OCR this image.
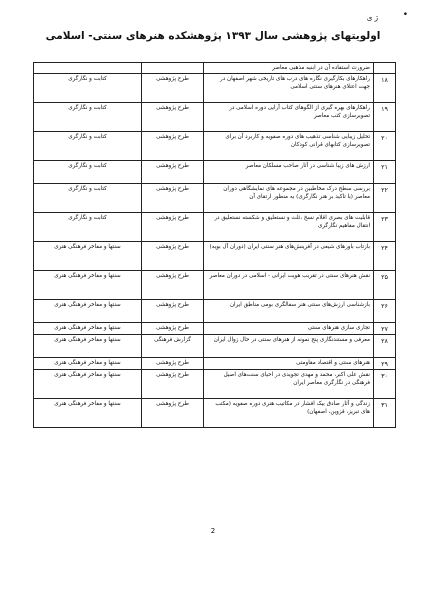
•
ژ ی
اولویتهای پژوهشی سال ۱۳۹۳ پژوهشکده هنرهای سنتی- اسلامی
	ضرورت استفاده آن در ابنیه مذهبی معاصر		
۱۸	راهکارهای بکارگیری نگاره های درب های تاریخی شهر اصفهان در جهت اعتلای هنرهای سنتی اسلامی	طرح پژوهشی	کتابت و نگارگری
۱۹	راهکارهای بهره گیری از الگوهای کتاب آرایی دوره اسلامی در تصویرسازی کتب معاصر	طرح پژوهشی	کتابت و نگارگری
۲۰	تحلیل زیبایی شناسی تذهیب های دوره صفویه و کاربرد آن برای تصویرسازی کتابهای قرانی کودکان	طرح پژوهشی	کتابت و نگارگری
۲۱	ارزش های زیبا شناسی در آثار صاحب مسلکان معاصر	طرح پژوهشی	کتابت و نگارگری
۲۲	بررسی سطح درک مخاطبین در مجموعه های نمایشگاهی دوران معاصر (با تاکید بر هنر نگارگری) به منظور ارتقای آن	طرح پژوهشی	کتابت و نگارگری
۲۳	قابلیت های بصری اقلام نسخ ،ثلث و نستعلیق و شکسته نستعلیق در انتقال مفاهیم نگارگری	طرح پژوهشی	کتابت و نگارگری
۲۴	بازتاب باورهای شیعی در آفرینش‌های هنر سنتی ایران (دوران آل بویه)	طرح پژوهشی	سنتها و مفاخر فرهنگی هنری
۲۵	نقش هنرهای سنتی در تقریب هویت ایرانی - اسلامی در دوران معاصر	طرح پژوهشی	سنتها و مفاخر فرهنگی هنری
۲۶	بازشناسی ارزش‌های سنتی هنر سفالگری بومی مناطق ایران	طرح پژوهشی	سنتها و مفاخر فرهنگی هنری
۲۷	تجاری سازی هنرهای سنتی	طرح پژوهشی	سنتها و مفاخر فرهنگی هنری
۲۸	معرفی و مستندنگاری پنج نمونه از هنرهای سنتی در حال زوال ایران	گزارش فرهنگی	سنتها و مفاخر فرهنگی هنری
۲۹	هنرهای سنتی و اقتصاد مقاومتی	طرح پژوهشی	سنتها و مفاخر فرهنگی هنری
۳۰	نقش علی اکبر، محمد و مهدی تجویدی در احیای سنت‌های اصیل فرهنگی در نگارگری معاصر ایران	طرح پژوهشی	سنتها و مفاخر فرهنگی هنری
۳۱	زندگی و آثار صادق بیک افشار در مکاتیب هنری دوره صفویه (مکتب های تبریز، قزوین، اصفهان)	طرح پژوهشی	سنتها و مفاخر فرهنگی هنری
2
